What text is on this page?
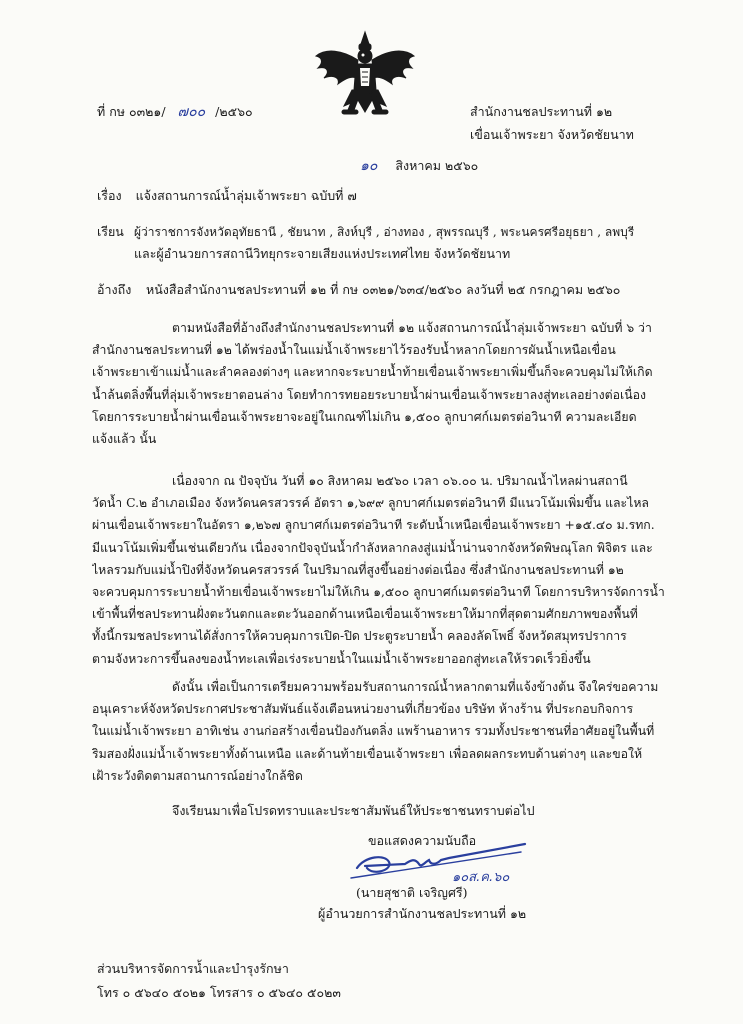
ที่ กษ ๐๓๒๑/ ๗๐๐ /๒๕๖๐	สำนักงานชลประทานที่ ๑๒
เขื่อนเจ้าพระยา จังหวัดชัยนาท
๑๐ สิงหาคม ๒๕๖๐
เรื่อง แจ้งสถานการณ์น้ำลุ่มเจ้าพระยา ฉบับที่ ๗
เรียน ผู้ว่าราชการจังหวัดอุทัยธานี , ชัยนาท , สิงห์บุรี , อ่างทอง , สุพรรณบุรี , พระนครศรีอยุธยา , ลพบุรี
และผู้อำนวยการสถานีวิทยุกระจายเสียงแห่งประเทศไทย จังหวัดชัยนาท
อ้างถึง หนังสือสำนักงานชลประทานที่ ๑๒ ที่ กษ ๐๓๒๑/๖๓๔/๒๕๖๐ ลงวันที่ ๒๕ กรกฎาคม ๒๕๖๐
ตามหนังสือที่อ้างถึงสำนักงานชลประทานที่ ๑๒ แจ้งสถานการณ์น้ำลุ่มเจ้าพระยา ฉบับที่ ๖ ว่า
สำนักงานชลประทานที่ ๑๒ ได้พร่องน้ำในแม่น้ำเจ้าพระยาไว้รองรับน้ำหลากโดยการผันน้ำเหนือเขื่อน
เจ้าพระยาเข้าแม่น้ำและลำคลองต่างๆ และหากจะระบายน้ำท้ายเขื่อนเจ้าพระยาเพิ่มขึ้นก็จะควบคุมไม่ให้เกิด
น้ำล้นตลิ่งพื้นที่ลุ่มเจ้าพระยาตอนล่าง โดยทำการทยอยระบายน้ำผ่านเขื่อนเจ้าพระยาลงสู่ทะเลอย่างต่อเนื่อง
โดยการระบายน้ำผ่านเขื่อนเจ้าพระยาจะอยู่ในเกณฑ์ไม่เกิน ๑,๕๐๐ ลูกบาศก์เมตรต่อวินาที ความละเอียด
แจ้งแล้ว นั้น
เนื่องจาก ณ ปัจจุบัน วันที่ ๑๐ สิงหาคม ๒๕๖๐ เวลา ๐๖.๐๐ น. ปริมาณน้ำไหลผ่านสถานี
วัดน้ำ C.๒ อำเภอเมือง จังหวัดนครสวรรค์ อัตรา ๑,๖๙๙ ลูกบาศก์เมตรต่อวินาที มีแนวโน้มเพิ่มขึ้น และไหล
ผ่านเขื่อนเจ้าพระยาในอัตรา ๑,๒๖๗ ลูกบาศก์เมตรต่อวินาที ระดับน้ำเหนือเขื่อนเจ้าพระยา +๑๕.๔๐ ม.รทก.
มีแนวโน้มเพิ่มขึ้นเช่นเดียวกัน เนื่องจากปัจจุบันน้ำกำลังหลากลงสู่แม่น้ำน่านจากจังหวัดพิษณุโลก พิจิตร และ
ไหลรวมกับแม่น้ำปิงที่จังหวัดนครสวรรค์ ในปริมาณที่สูงขึ้นอย่างต่อเนื่อง ซึ่งสำนักงานชลประทานที่ ๑๒
จะควบคุมการระบายน้ำท้ายเขื่อนเจ้าพระยาไม่ให้เกิน ๑,๕๐๐ ลูกบาศก์เมตรต่อวินาที โดยการบริหารจัดการน้ำ
เข้าพื้นที่ชลประทานฝั่งตะวันตกและตะวันออกด้านเหนือเขื่อนเจ้าพระยาให้มากที่สุดตามศักยภาพของพื้นที่
ทั้งนี้กรมชลประทานได้สั่งการให้ควบคุมการเปิด-ปิด ประตูระบายน้ำ คลองลัดโพธิ์ จังหวัดสมุทรปราการ
ตามจังหวะการขึ้นลงของน้ำทะเลเพื่อเร่งระบายน้ำในแม่น้ำเจ้าพระยาออกสู่ทะเลให้รวดเร็วยิ่งขึ้น
ดังนั้น เพื่อเป็นการเตรียมความพร้อมรับสถานการณ์น้ำหลากตามที่แจ้งข้างต้น จึงใคร่ขอความ
อนุเคราะห์จังหวัดประกาศประชาสัมพันธ์แจ้งเตือนหน่วยงานที่เกี่ยวข้อง บริษัท ห้างร้าน ที่ประกอบกิจการ
ในแม่น้ำเจ้าพระยา อาทิเช่น งานก่อสร้างเขื่อนป้องกันตลิ่ง แพร้านอาหาร รวมทั้งประชาชนที่อาศัยอยู่ในพื้นที่
ริมสองฝั่งแม่น้ำเจ้าพระยาทั้งด้านเหนือ และด้านท้ายเขื่อนเจ้าพระยา เพื่อลดผลกระทบด้านต่างๆ และขอให้
เฝ้าระวังติดตามสถานการณ์อย่างใกล้ชิด
จึงเรียนมาเพื่อโปรดทราบและประชาสัมพันธ์ให้ประชาชนทราบต่อไป
ขอแสดงความนับถือ
๑๐ส.ค.๖๐
(นายสุชาติ เจริญศรี)
ผู้อำนวยการสำนักงานชลประทานที่ ๑๒
ส่วนบริหารจัดการน้ำและบำรุงรักษา
โทร ๐ ๕๖๔๐ ๕๐๒๑ โทรสาร ๐ ๕๖๔๐ ๕๐๒๓
